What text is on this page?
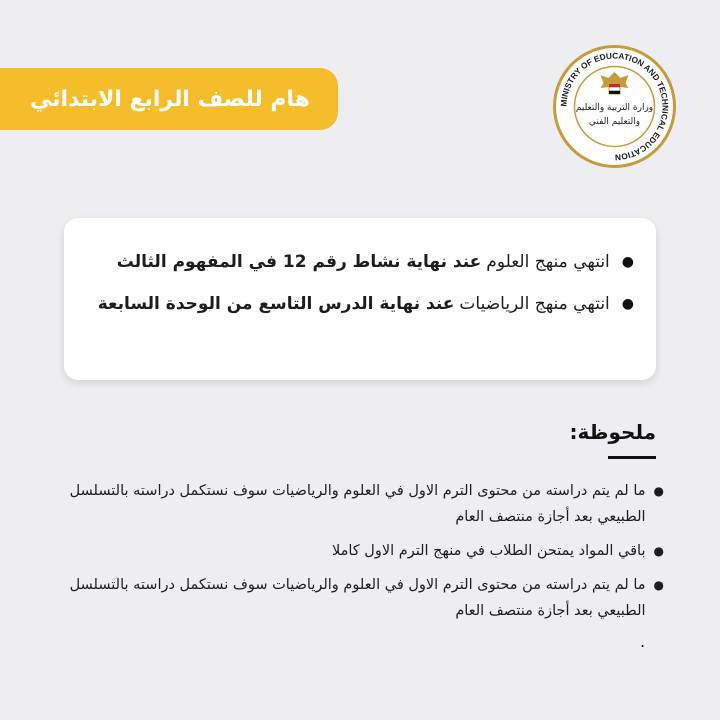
هام للصف الرابع الابتدائي	MINISTRY OF EDUCATION AND TECHNICAL EDUCATION
وزارة التربية والتعليم
والتعليم الفني
●
انتهي منهج العلوم
عند نهاية نشاط رقم 12 في المفهوم الثالث
●
انتهي منهج الرياضيات
عند نهاية الدرس التاسع من الوحدة السابعة
ملحوظة:
●
ما لم يتم دراسته من محتوى الترم الاول في العلوم والرياضيات سوف نستكمل دراسته بالتسلسل الطبيعي بعد أجازة منتصف العام
●
باقي المواد يمتحن الطلاب في منهج الترم الاول كاملا
●
ما لم يتم دراسته من محتوى الترم الاول في العلوم والرياضيات سوف نستكمل دراسته بالتسلسل الطبيعي بعد أجازة منتصف العام
.
